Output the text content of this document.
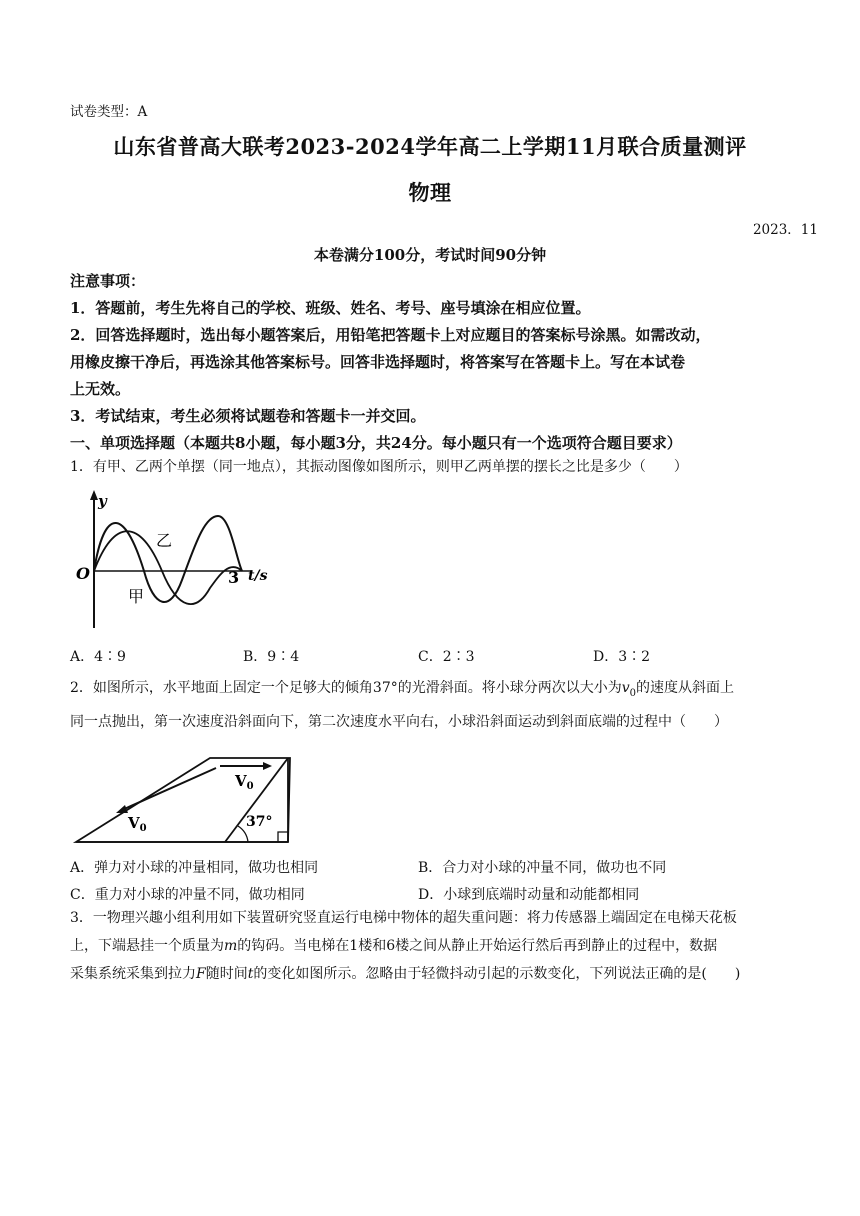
试卷类型：A
山东省普高大联考2023-2024学年高二上学期11月联合质量测评
物理
2023．11
本卷满分100分，考试时间90分钟
注意事项：
1．答题前，考生先将自己的学校、班级、姓名、考号、座号填涂在相应位置。
2．回答选择题时，选出每小题答案后，用铅笔把答题卡上对应题目的答案标号涂黑。如需改动，
用橡皮擦干净后，再选涂其他答案标号。回答非选择题时，将答案写在答题卡上。写在本试卷
上无效。
3．考试结束，考生必须将试题卷和答题卡一并交回。
一、单项选择题（本题共8小题，每小题3分，共24分。每小题只有一个选项符合题目要求）
1．有甲、乙两个单摆（同一地点），其振动图像如图所示，则甲乙两单摆的摆长之比是多少（　　）
y
O	3 t/s
乙
甲
A．4∶9	B．9∶4	C．2∶3	D．3∶2
2．如图所示，水平地面上固定一个足够大的倾角37°的光滑斜面。将小球分两次以大小为$v_0$的速度从斜面上
同一点抛出，第一次速度沿斜面向下，第二次速度水平向右，小球沿斜面运动到斜面底端的过程中（　　）
$V_0$
$V_0$	37°
A．弹力对小球的冲量相同，做功也相同	B．合力对小球的冲量不同，做功也不同
C．重力对小球的冲量不同，做功相同	D．小球到底端时动量和动能都相同
3．一物理兴趣小组利用如下装置研究竖直运行电梯中物体的超失重问题：将力传感器上端固定在电梯天花板
上，下端悬挂一个质量为m的钩码。当电梯在1楼和6楼之间从静止开始运行然后再到静止的过程中，数据
采集系统采集到拉力F随时间t的变化如图所示。忽略由于轻微抖动引起的示数变化，下列说法正确的是(　　)
